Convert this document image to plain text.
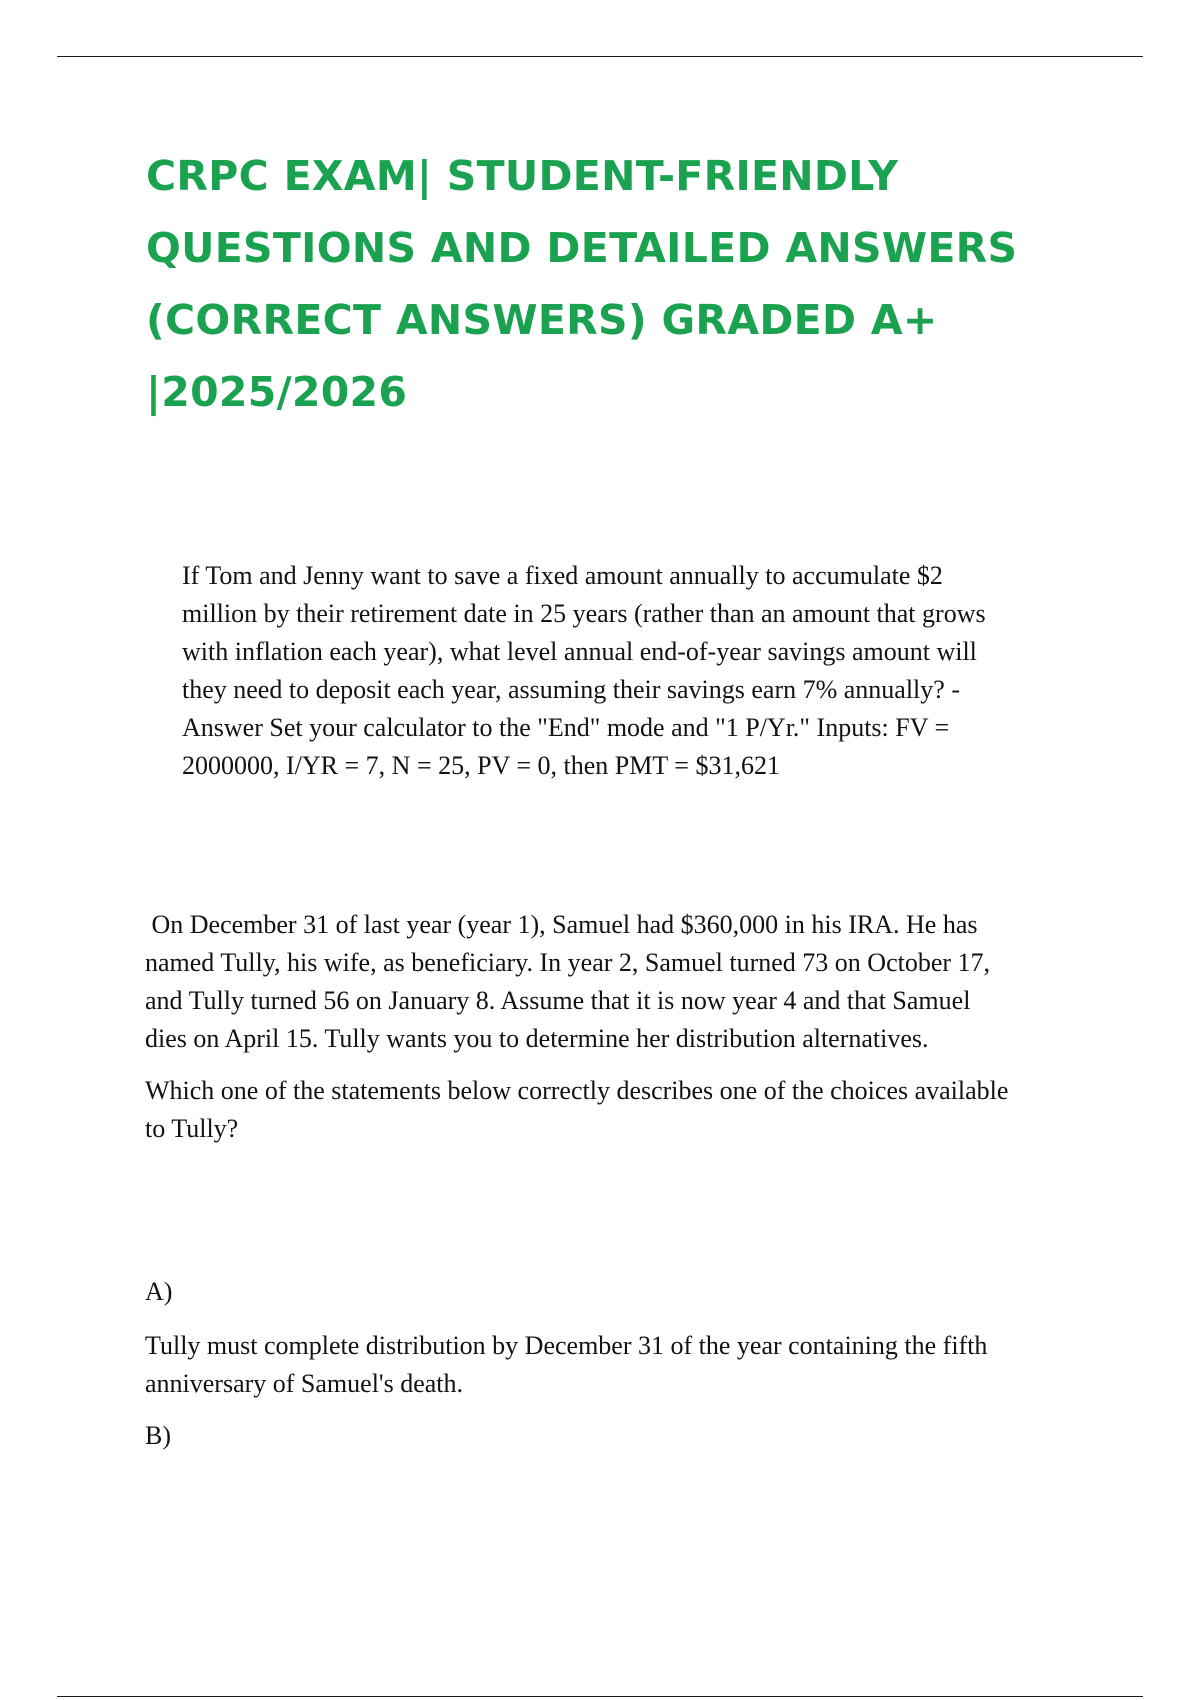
CRPC EXAM| STUDENT-FRIENDLY
QUESTIONS AND DETAILED ANSWERS
(CORRECT ANSWERS) GRADED A+
|2025/2026

If Tom and Jenny want to save a fixed amount annually to accumulate $2
million by their retirement date in 25 years (rather than an amount that grows
with inflation each year), what level annual end-of-year savings amount will
they need to deposit each year, assuming their savings earn 7% annually? -
Answer Set your calculator to the "End" mode and "1 P/Yr." Inputs: FV =
2000000, I/YR = 7, N = 25, PV = 0, then PMT = $31,621

On December 31 of last year (year 1), Samuel had $360,000 in his IRA. He has
named Tully, his wife, as beneficiary. In year 2, Samuel turned 73 on October 17,
and Tully turned 56 on January 8. Assume that it is now year 4 and that Samuel
dies on April 15. Tully wants you to determine her distribution alternatives.

Which one of the statements below correctly describes one of the choices available
to Tully?

A)

Tully must complete distribution by December 31 of the year containing the fifth
anniversary of Samuel's death.

B)
